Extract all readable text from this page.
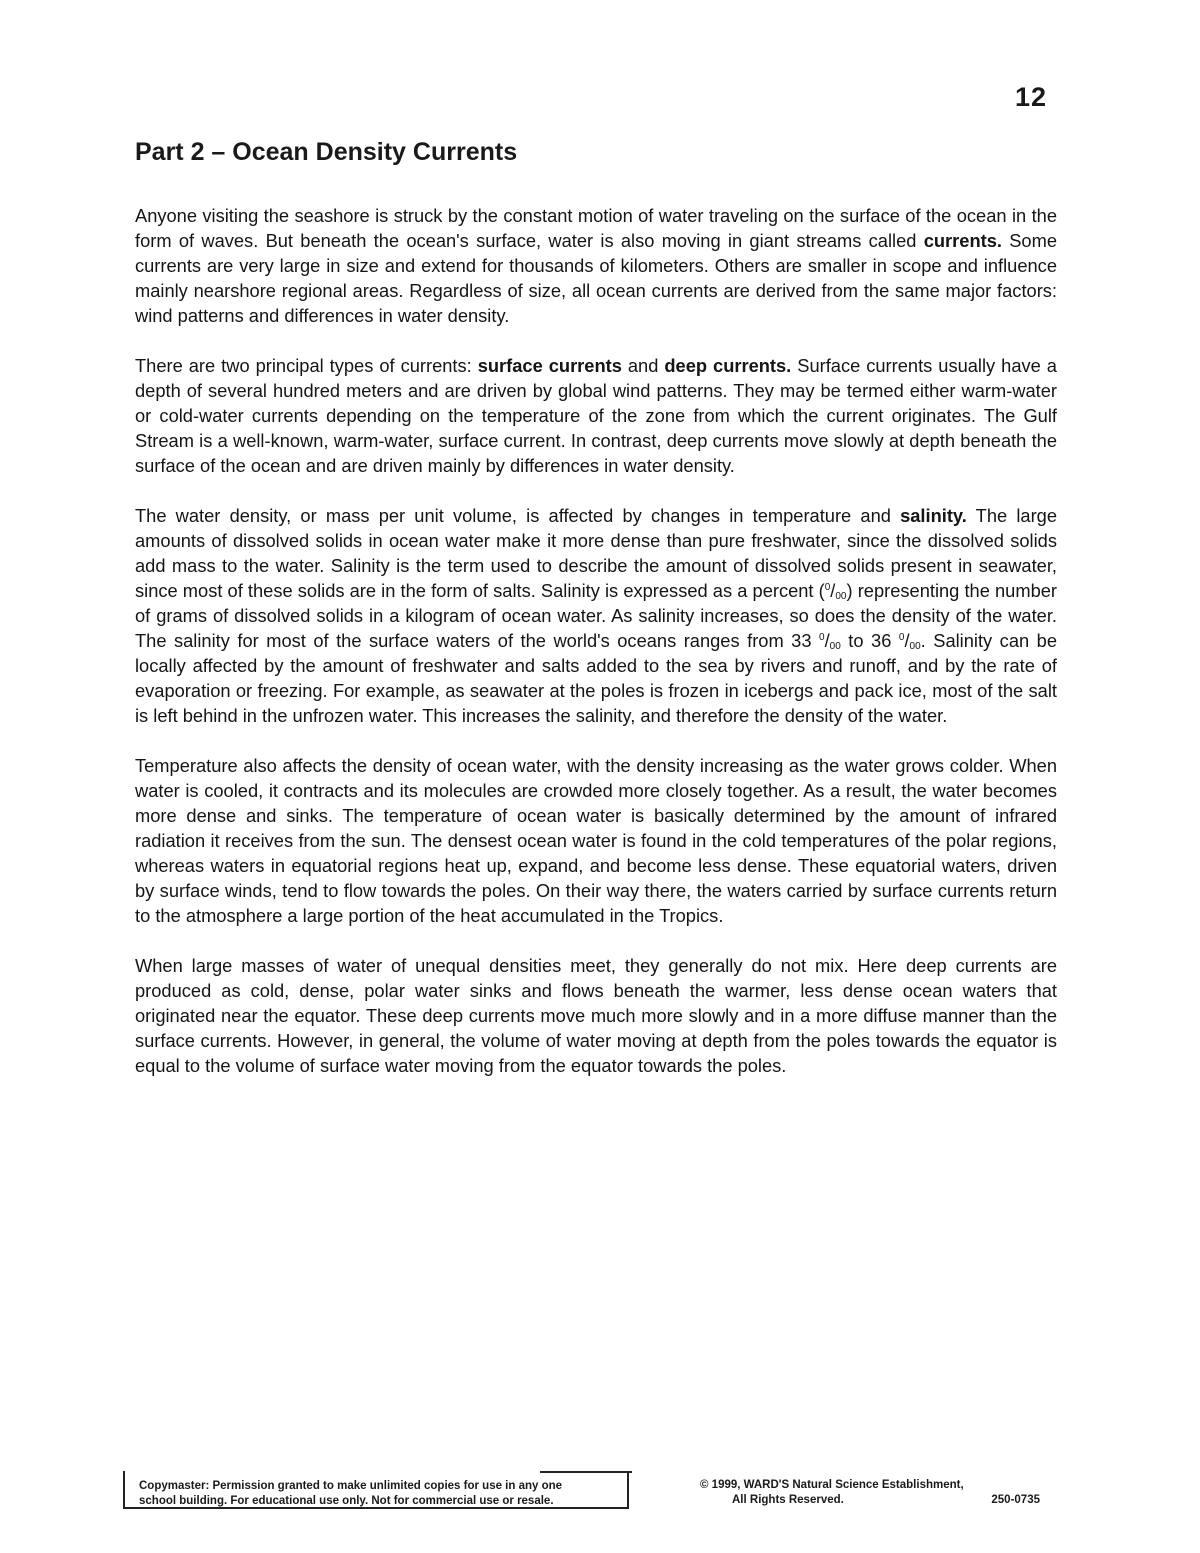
12
Part 2 – Ocean Density Currents

Anyone visiting the seashore is struck by the constant motion of water traveling on the surface of the ocean in the form of waves. But beneath the ocean's surface, water is also moving in giant streams called currents. Some currents are very large in size and extend for thousands of kilometers. Others are smaller in scope and influence mainly nearshore regional areas. Regardless of size, all ocean currents are derived from the same major factors: wind patterns and differences in water density.

There are two principal types of currents: surface currents and deep currents. Surface currents usually have a depth of several hundred meters and are driven by global wind patterns. They may be termed either warm-water or cold-water currents depending on the temperature of the zone from which the current originates. The Gulf Stream is a well-known, warm-water, surface current. In contrast, deep currents move slowly at depth beneath the surface of the ocean and are driven mainly by differences in water density.

The water density, or mass per unit volume, is affected by changes in temperature and salinity. The large amounts of dissolved solids in ocean water make it more dense than pure freshwater, since the dissolved solids add mass to the water. Salinity is the term used to describe the amount of dissolved solids present in seawater, since most of these solids are in the form of salts. Salinity is expressed as a percent $(^0/_{00})$ representing the number of grams of dissolved solids in a kilogram of ocean water. As salinity increases, so does the density of the water. The salinity for most of the surface waters of the world's oceans ranges from 33 $^0/_{00}$ to 36 $^0/_{00}$. Salinity can be locally affected by the amount of freshwater and salts added to the sea by rivers and runoff, and by the rate of evaporation or freezing. For example, as seawater at the poles is frozen in icebergs and pack ice, most of the salt is left behind in the unfrozen water. This increases the salinity, and therefore the density of the water.

Temperature also affects the density of ocean water, with the density increasing as the water grows colder. When water is cooled, it contracts and its molecules are crowded more closely together. As a result, the water becomes more dense and sinks. The temperature of ocean water is basically determined by the amount of infrared radiation it receives from the sun. The densest ocean water is found in the cold temperatures of the polar regions, whereas waters in equatorial regions heat up, expand, and become less dense. These equatorial waters, driven by surface winds, tend to flow towards the poles. On their way there, the waters carried by surface currents return to the atmosphere a large portion of the heat accumulated in the Tropics.

When large masses of water of unequal densities meet, they generally do not mix. Here deep currents are produced as cold, dense, polar water sinks and flows beneath the warmer, less dense ocean waters that originated near the equator. These deep currents move much more slowly and in a more diffuse manner than the surface currents. However, in general, the volume of water moving at depth from the poles towards the equator is equal to the volume of surface water moving from the equator towards the poles.

Copymaster: Permission granted to make unlimited copies for use in any one
school building. For educational use only. Not for commercial use or resale.
© 1999, WARD'S Natural Science Establishment,
All Rights Reserved.	250-0735
